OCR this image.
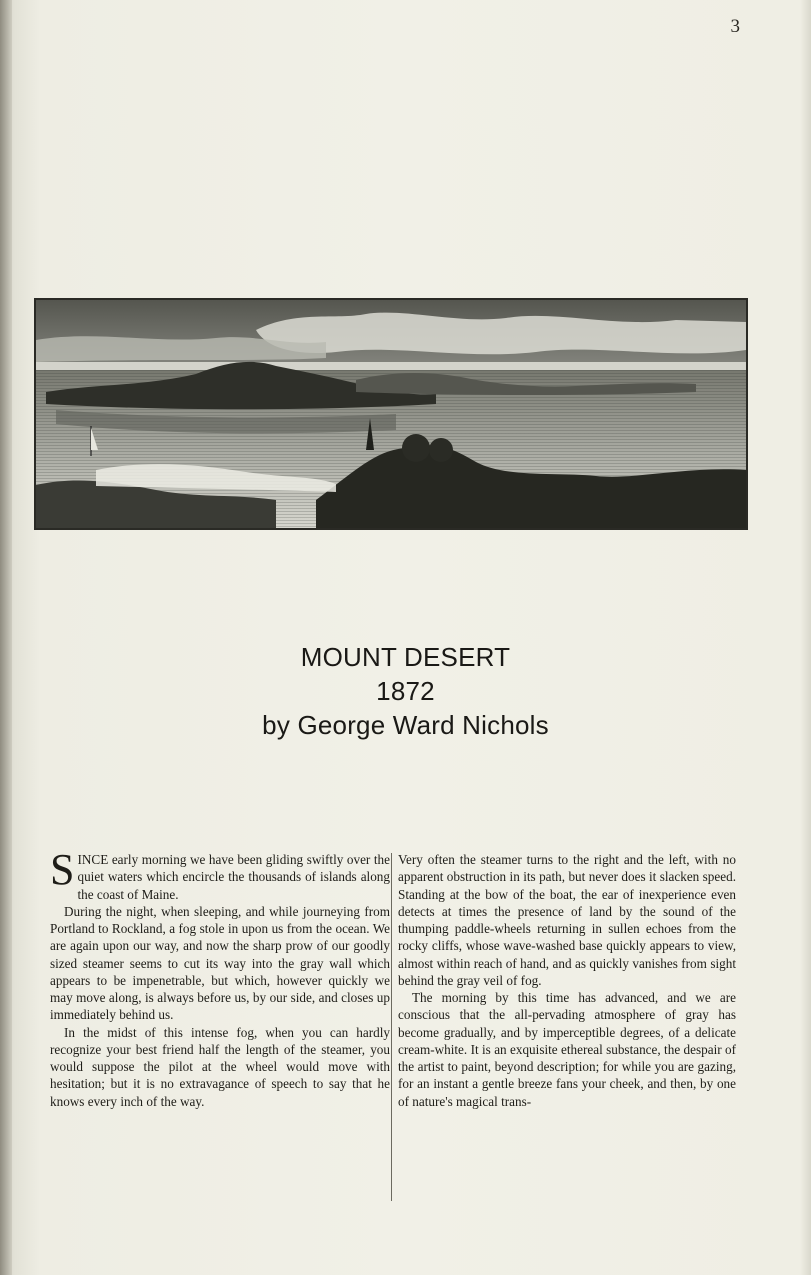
3
MOUNT DESERT
1872
by George Ward Nichols

SINCE early morning we have been gliding swiftly over the quiet waters which encircle the thousands of islands along the coast of Maine.

During the night, when sleeping, and while journeying from Portland to Rockland, a fog stole in upon us from the ocean. We are again upon our way, and now the sharp prow of our goodly sized steamer seems to cut its way into the gray wall which appears to be impenetrable, but which, however quickly we may move along, is always before us, by our side, and closes up immediately behind us.

In the midst of this intense fog, when you can hardly recognize your best friend half the length of the steamer, you would suppose the pilot at the wheel would move with hesitation; but it is no extravagance of speech to say that he knows every inch of the way.

Very often the steamer turns to the right and the left, with no apparent obstruction in its path, but never does it slacken speed. Standing at the bow of the boat, the ear of inexperience even detects at times the presence of land by the sound of the thumping paddle-wheels returning in sullen echoes from the rocky cliffs, whose wave-washed base quickly appears to view, almost within reach of hand, and as quickly vanishes from sight behind the gray veil of fog.

The morning by this time has advanced, and we are conscious that the all-pervading atmosphere of gray has become gradually, and by imperceptible degrees, of a delicate cream-white. It is an exquisite ethereal substance, the despair of the artist to paint, beyond description; for while you are gazing, for an instant a gentle breeze fans your cheek, and then, by one of nature's magical trans-
